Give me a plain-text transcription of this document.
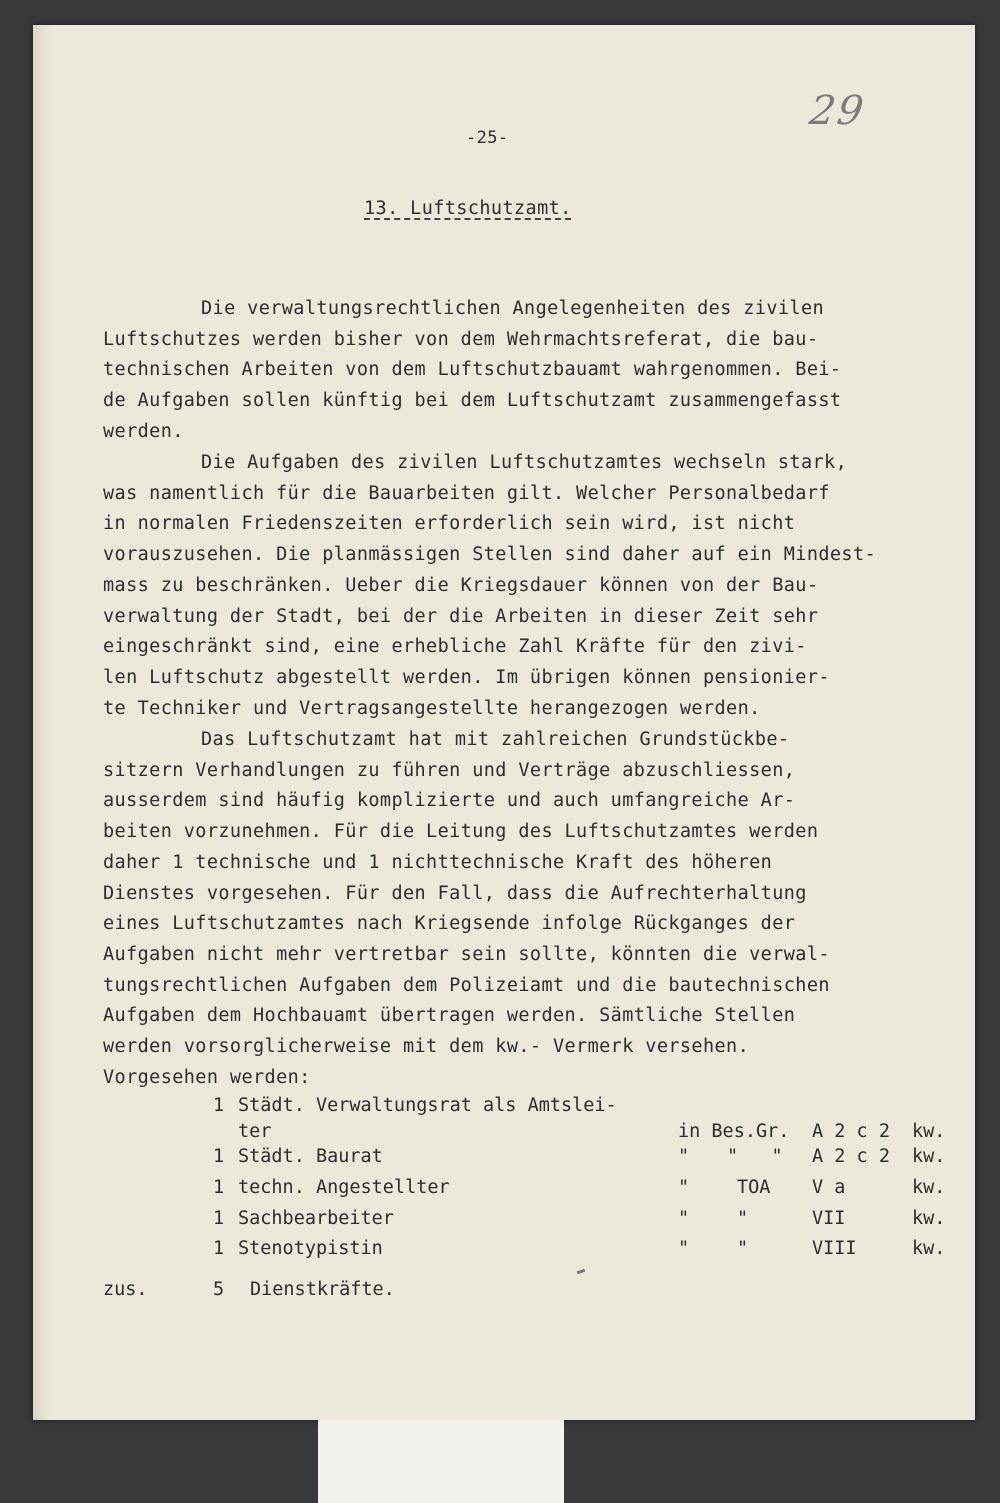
-25-
29
13. Luftschutzamt.
Die verwaltungsrechtlichen Angelegenheiten des zivilen
Luftschutzes werden bisher von dem Wehrmachtsreferat, die bau-
technischen Arbeiten von dem Luftschutzbauamt wahrgenommen. Bei-
de Aufgaben sollen künftig bei dem Luftschutzamt zusammengefasst
werden.
Die Aufgaben des zivilen Luftschutzamtes wechseln stark,
was namentlich für die Bauarbeiten gilt. Welcher Personalbedarf
in normalen Friedenszeiten erforderlich sein wird, ist nicht
vorauszusehen. Die planmässigen Stellen sind daher auf ein Mindest-
mass zu beschränken. Ueber die Kriegsdauer können von der Bau-
verwaltung der Stadt, bei der die Arbeiten in dieser Zeit sehr
eingeschränkt sind, eine erhebliche Zahl Kräfte für den zivi-
len Luftschutz abgestellt werden. Im übrigen können pensionier-
te Techniker und Vertragsangestellte herangezogen werden.
Das Luftschutzamt hat mit zahlreichen Grundstückbe-
sitzern Verhandlungen zu führen und Verträge abzuschliessen,
ausserdem sind häufig komplizierte und auch umfangreiche Ar-
beiten vorzunehmen. Für die Leitung des Luftschutzamtes werden
daher 1 technische und 1 nichttechnische Kraft des höheren
Dienstes vorgesehen. Für den Fall, dass die Aufrechterhaltung
eines Luftschutzamtes nach Kriegsende infolge Rückganges der
Aufgaben nicht mehr vertretbar sein sollte, könnten die verwal-
tungsrechtlichen Aufgaben dem Polizeiamt und die bautechnischen
Aufgaben dem Hochbauamt übertragen werden. Sämtliche Stellen
werden vorsorglicherweise mit dem kw.- Vermerk versehen.
Vorgesehen werden:
1 Städt. Verwaltungsrat als Amtslei-
ter	in Bes.Gr. A 2 c 2 kw.
1 Städt. Baurat	" "   " A 2 c 2 kw.
1 techn. Angestellter	"	TOA V a	kw.
1 Sachbearbeiter	"	"	VII	kw.
1 Stenotypistin	"	"	VIII	kw.
zus.	5 Dienstkräfte.
